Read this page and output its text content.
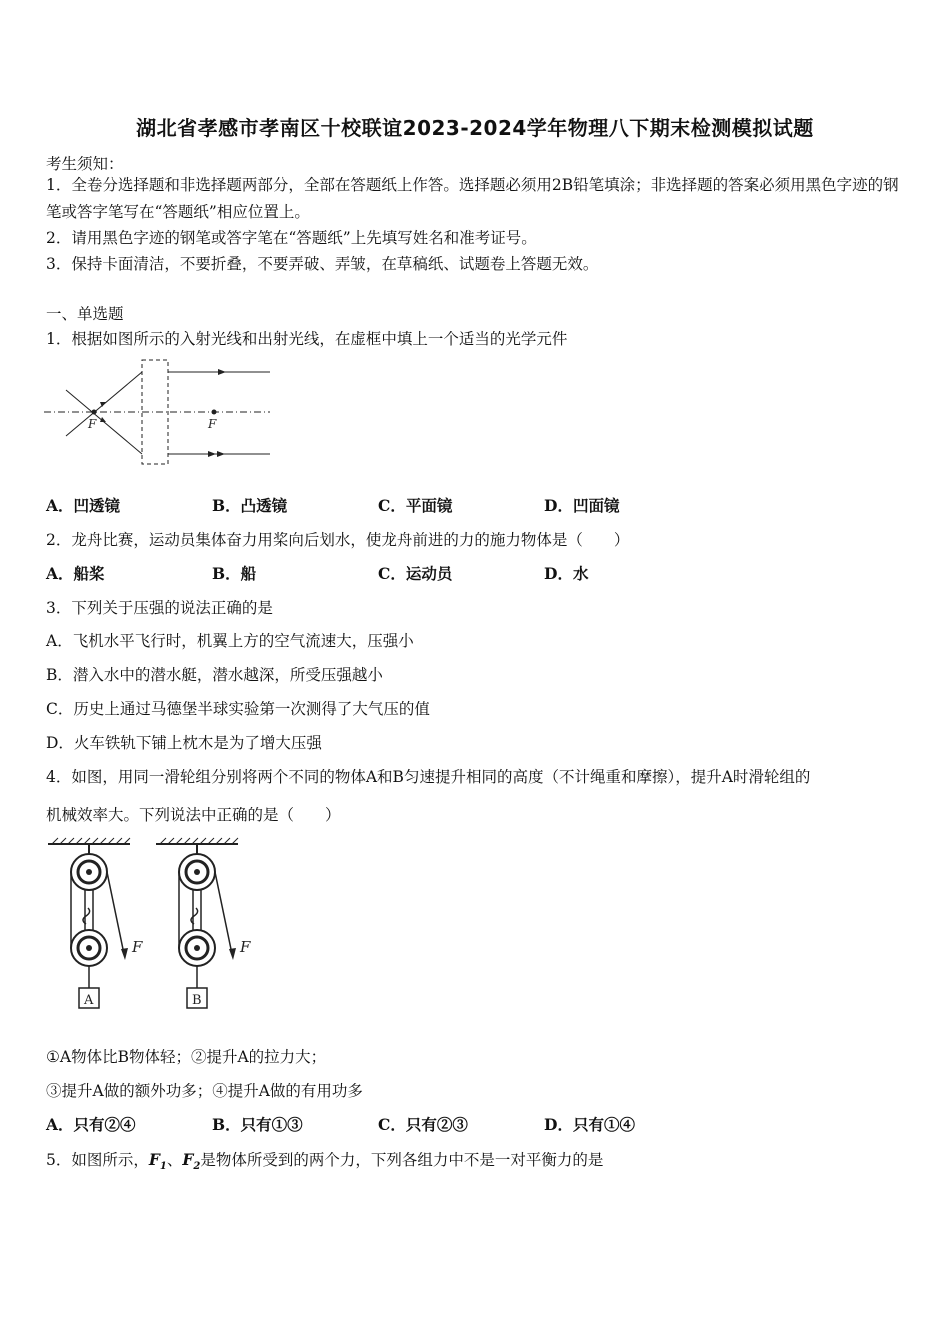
湖北省孝感市孝南区十校联谊2023-2024学年物理八下期末检测模拟试题
考生须知：
1．全卷分选择题和非选择题两部分，全部在答题纸上作答。选择题必须用2B铅笔填涂；非选择题的答案必须用黑色字迹的钢笔或答字笔写在“答题纸”相应位置上。
2．请用黑色字迹的钢笔或答字笔在“答题纸”上先填写姓名和准考证号。
3．保持卡面清洁，不要折叠，不要弄破、弄皱，在草稿纸、试题卷上答题无效。
一、单选题
1．根据如图所示的入射光线和出射光线，在虚框中填上一个适当的光学元件
F	F
A．凹透镜	B．凸透镜	C．平面镜	D．凹面镜
2．龙舟比赛，运动员集体奋力用桨向后划水，使龙舟前进的力的施力物体是（　　）
A．船桨	B．船	C．运动员	D．水
3．下列关于压强的说法正确的是
A．飞机水平飞行时，机翼上方的空气流速大，压强小
B．潜入水中的潜水艇，潜水越深，所受压强越小
C．历史上通过马德堡半球实验第一次测得了大气压的值
D．火车铁轨下铺上枕木是为了增大压强
4．如图，用同一滑轮组分别将两个不同的物体A和B匀速提升相同的高度（不计绳重和摩擦），提升A时滑轮组的
机械效率大。下列说法中正确的是（　　）
F
A
F
B
①A物体比B物体轻；②提升A的拉力大；
③提升A做的额外功多；④提升A做的有用功多
A．只有②④	B．只有①③	C．只有②③	D．只有①④
5．如图所示，$F_1$、$F_2$是物体所受到的两个力，下列各组力中不是一对平衡力的是
